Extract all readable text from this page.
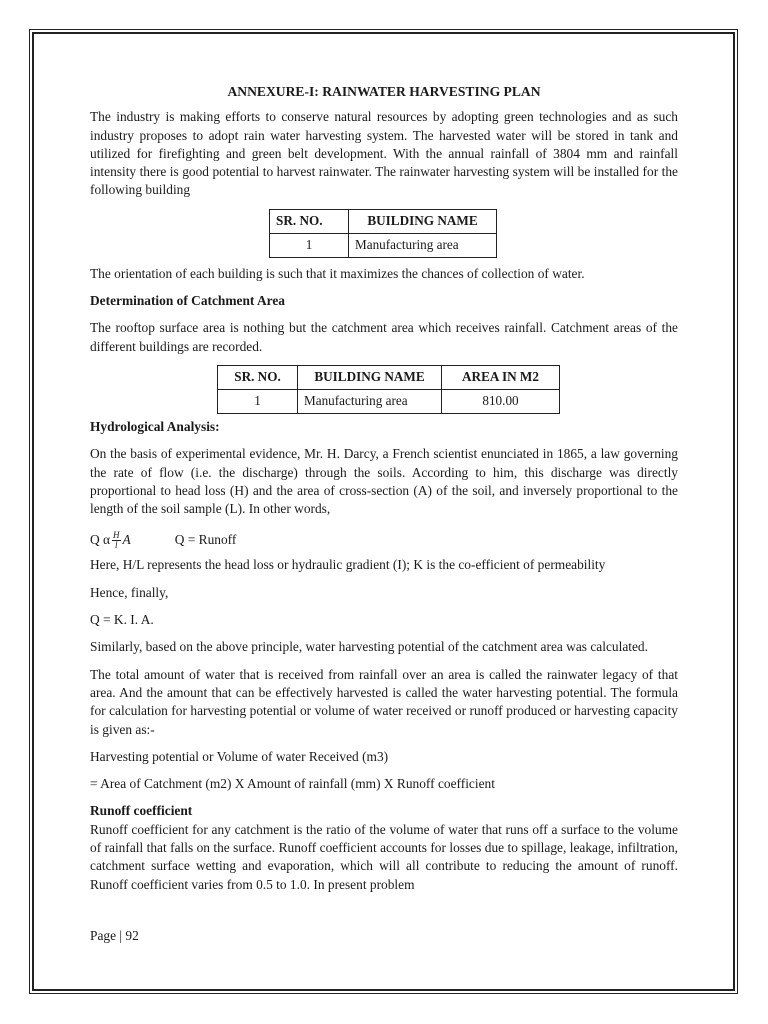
ANNEXURE-I: RAINWATER HARVESTING PLAN

The industry is making efforts to conserve natural resources by adopting green technologies and as such industry proposes to adopt rain water harvesting system. The harvested water will be stored in tank and utilized for firefighting and green belt development. With the annual rainfall of 3804 mm and rainfall intensity there is good potential to harvest rainwater. The rainwater harvesting system will be installed for the following building

SR. NO.	BUILDING NAME
1	Manufacturing area

The orientation of each building is such that it maximizes the chances of collection of water.

Determination of Catchment Area

The rooftop surface area is nothing but the catchment area which receives rainfall. Catchment areas of the different buildings are recorded.

SR. NO.	BUILDING NAME	AREA IN M2
1	Manufacturing area	810.00
Hydrological Analysis:

On the basis of experimental evidence, Mr. H. Darcy, a French scientist enunciated in 1865, a law governing the rate of flow (i.e. the discharge) through the soils. According to him, this discharge was directly proportional to head loss (H) and the area of cross-section (A) of the soil, and inversely proportional to the length of the soil sample (L). In other words,

Q α $\frac{H}{l}$ A	Q = Runoff

Here, H/L represents the head loss or hydraulic gradient (I); K is the co-efficient of permeability

Hence, finally,

Q = K. I. A.

Similarly, based on the above principle, water harvesting potential of the catchment area was calculated.

The total amount of water that is received from rainfall over an area is called the rainwater legacy of that area. And the amount that can be effectively harvested is called the water harvesting potential. The formula for calculation for harvesting potential or volume of water received or runoff produced or harvesting capacity is given as:-

Harvesting potential or Volume of water Received (m3)

= Area of Catchment (m2) X Amount of rainfall (mm) X Runoff coefficient

Runoff coefficient

Runoff coefficient for any catchment is the ratio of the volume of water that runs off a surface to the volume of rainfall that falls on the surface. Runoff coefficient accounts for losses due to spillage, leakage, infiltration, catchment surface wetting and evaporation, which will all contribute to reducing the amount of runoff. Runoff coefficient varies from 0.5 to 1.0. In present problem

Page | 92
